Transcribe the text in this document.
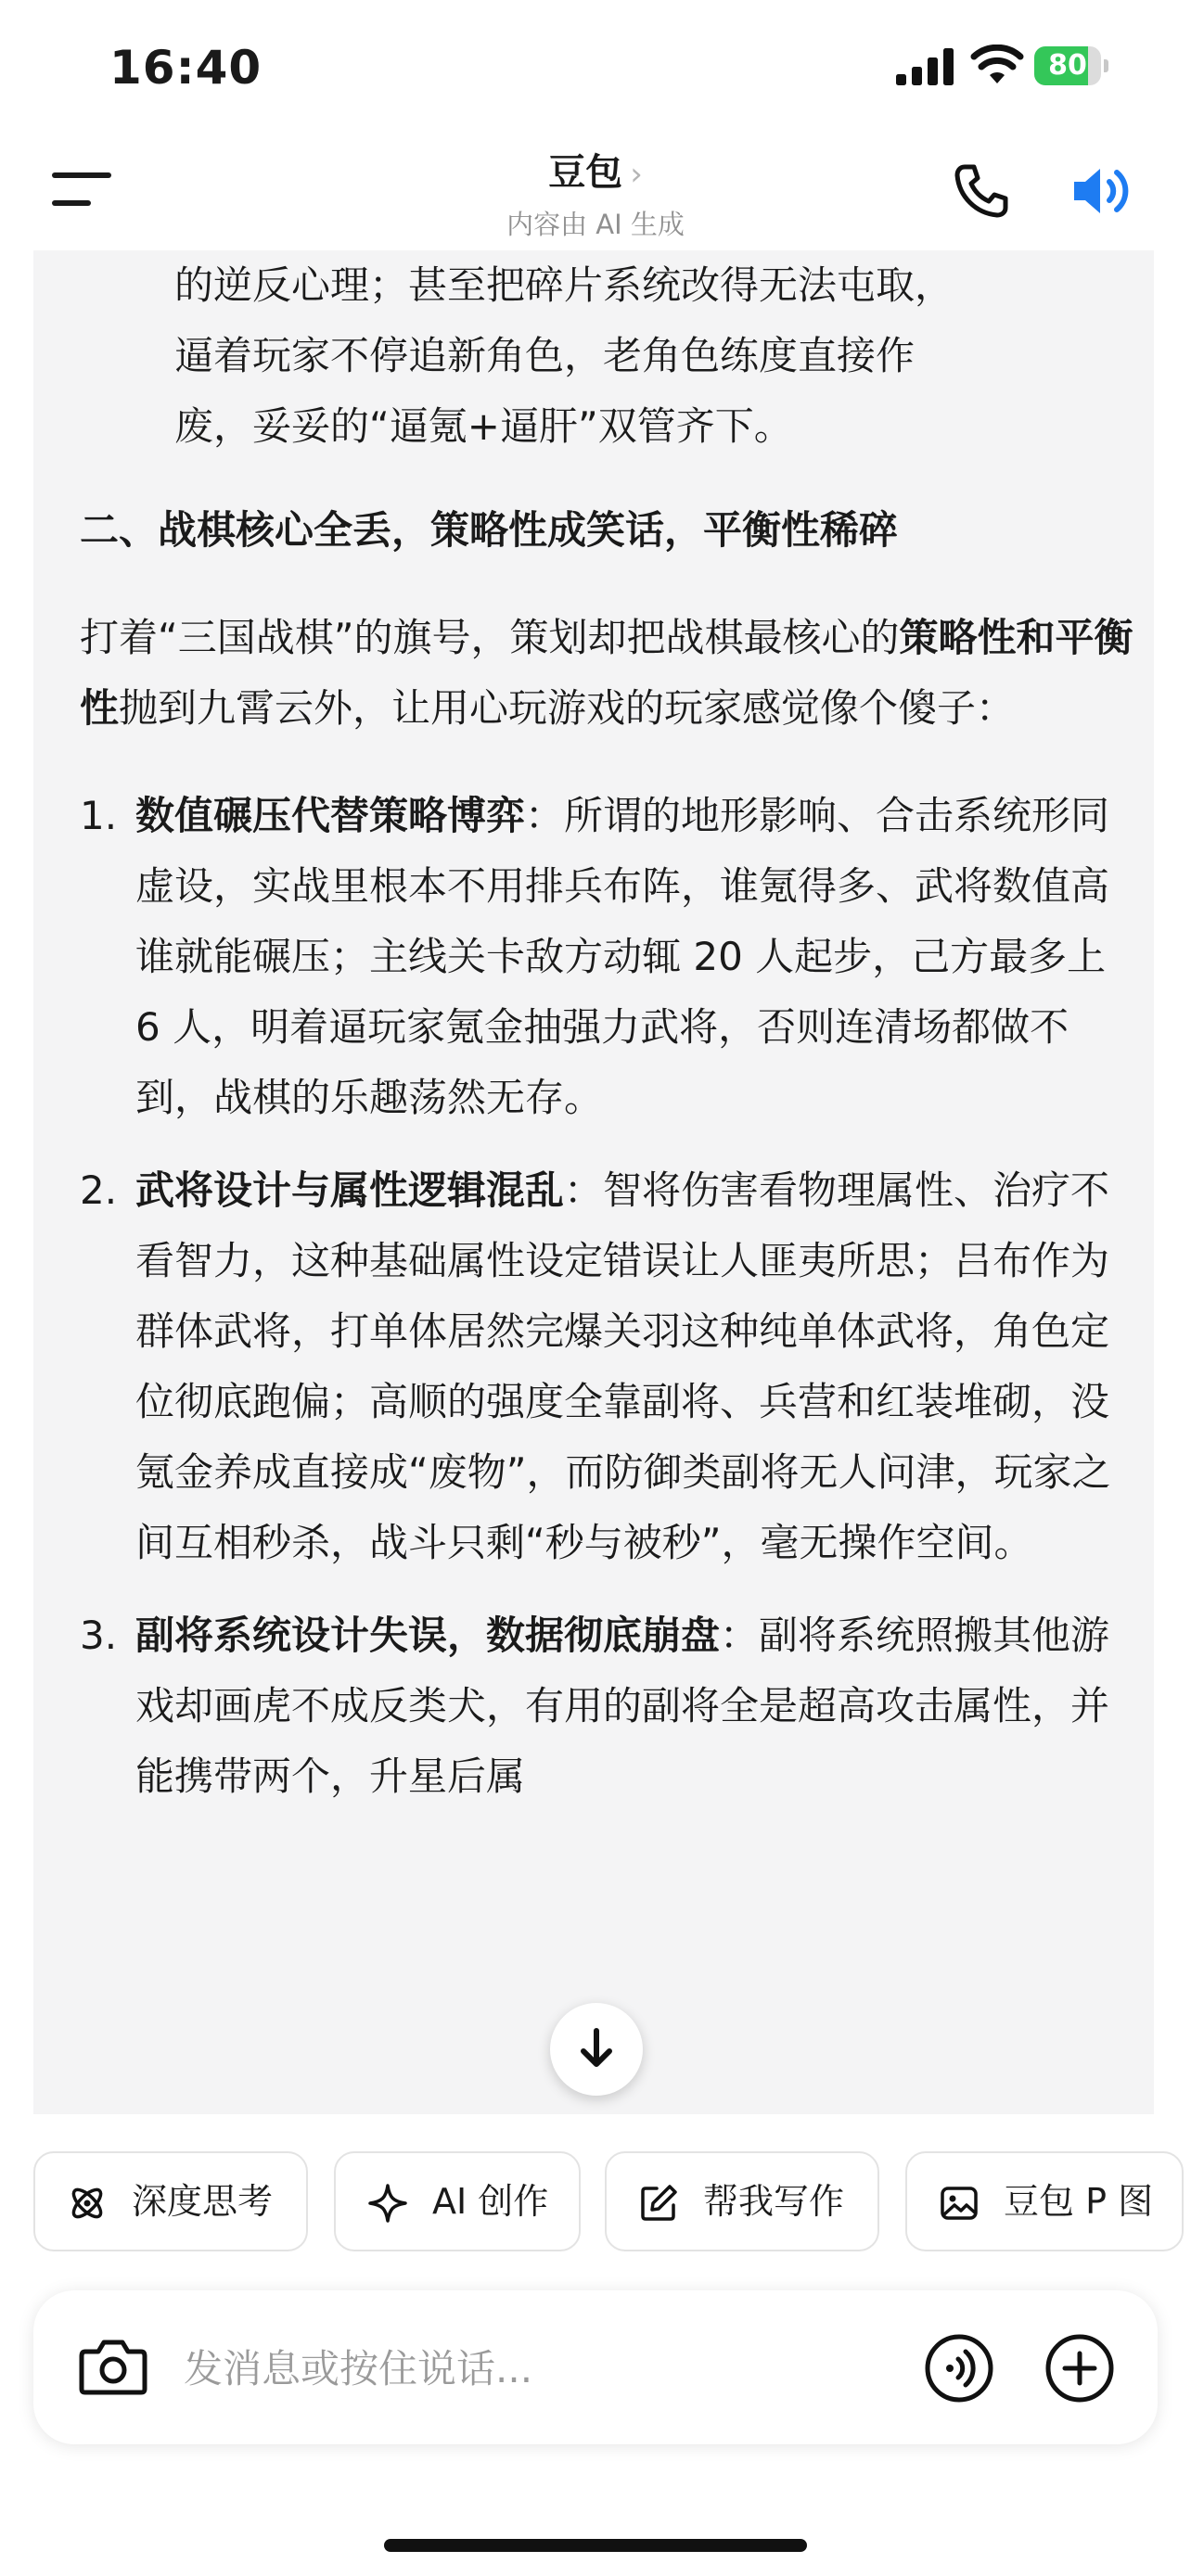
16:40	80
豆包 ›
内容由 AI 生成

的逆反心理；甚至把碎片系统改得无法屯取，

逼着玩家不停追新角色，老角色练度直接作

废，妥妥的“逼氪+逼肝”双管齐下。

二、战棋核心全丢，策略性成笑话，平衡性稀碎

打着“三国战棋”的旗号，策划却把战棋最核心的策略性和平衡性抛到九霄云外，让用心玩游戏的玩家感觉像个傻子：

1. 数值碾压代替策略博弈：所谓的地形影响、合击系统形同虚设，实战里根本不用排兵布阵，谁氪得多、武将数值高谁就能碾压；主线关卡敌方动辄 20 人起步，己方最多上 6 人，明着逼玩家氪金抽强力武将，否则连清场都做不到，战棋的乐趣荡然无存。
2. 武将设计与属性逻辑混乱：智将伤害看物理属性、治疗不看智力，这种基础属性设定错误让人匪夷所思；吕布作为群体武将，打单体居然完爆关羽这种纯单体武将，角色定位彻底跑偏；高顺的强度全靠副将、兵营和红装堆砌，没氪金养成直接成“废物”，而防御类副将无人问津，玩家之间互相秒杀，战斗只剩“秒与被秒”，毫无操作空间。
3. 副将系统设计失误，数据彻底崩盘：副将系统照搬其他游戏却画虎不成反类犬，有用的副将全是超高攻击属性，并能携带两个，升星后属
深度思考	AI 创作	帮我写作	豆包 P 图
发消息或按住说话...
